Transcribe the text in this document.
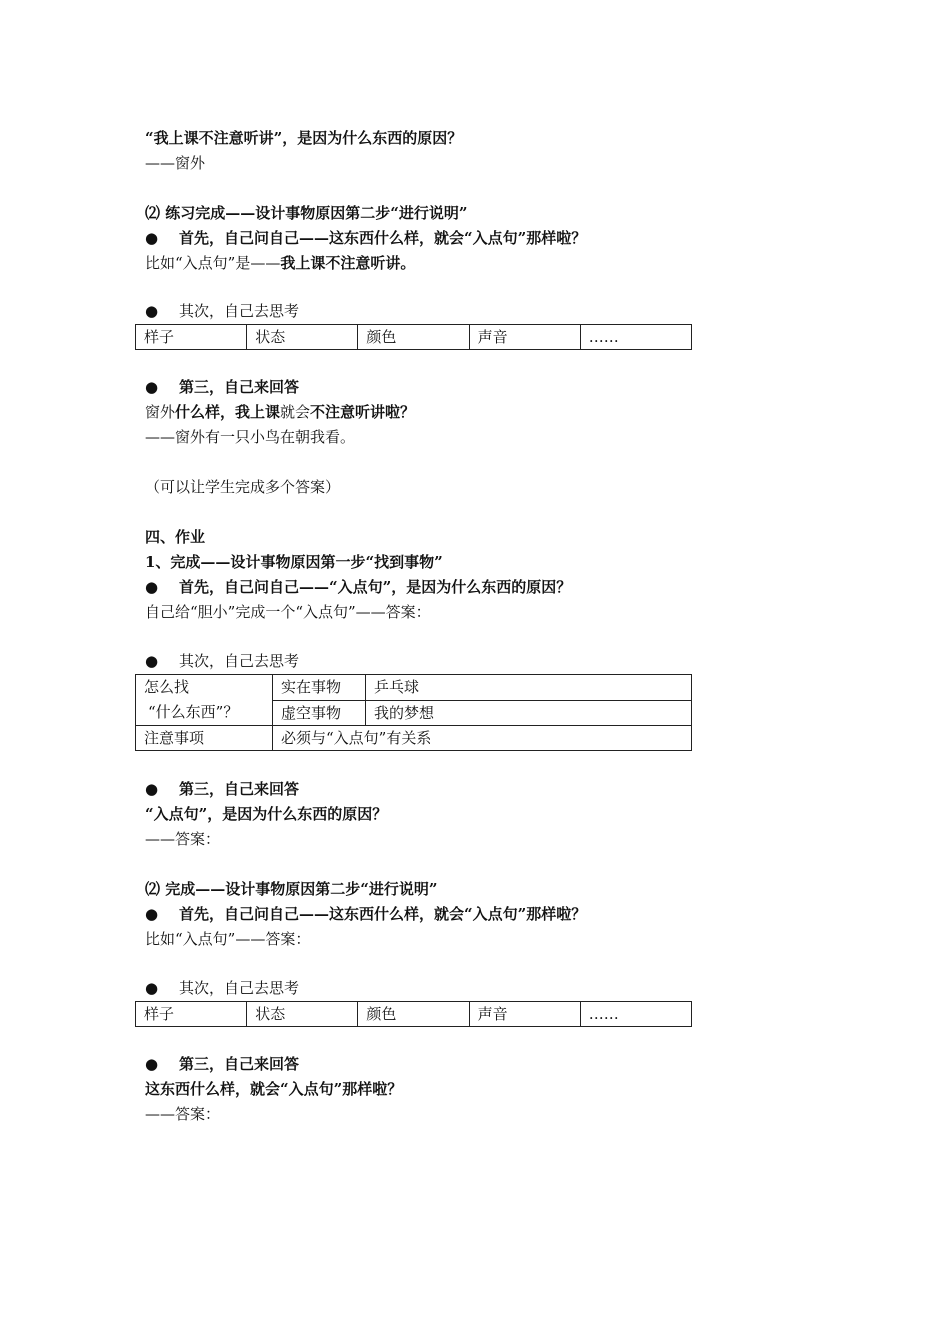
“我上课不注意听讲”，是因为什么东西的原因？
——窗外
⑵ 练习完成——设计事物原因第二步“进行说明”
● 首先，自己问自己——这东西什么样，就会“入点句”那样啦？
比如“入点句”是——我上课不注意听讲。
● 其次，自己去思考
样子	状态	颜色	声音	……
● 第三，自己来回答
窗外什么样，我上课就会不注意听讲啦？
——窗外有一只小鸟在朝我看。
（可以让学生完成多个答案）
四、作业
1、完成——设计事物原因第一步“找到事物”
● 首先，自己问自己——“入点句”，是因为什么东西的原因？
自己给“胆小”完成一个“入点句”——答案：
● 其次，自己去思考
怎么找
“什么东西”？	实在事物	乒乓球
	虚空事物	我的梦想
注意事项	必须与“入点句”有关系	
● 第三，自己来回答
“入点句”，是因为什么东西的原因？
——答案：
⑵ 完成——设计事物原因第二步“进行说明”
● 首先，自己问自己——这东西什么样，就会“入点句”那样啦？
比如“入点句”——答案：
● 其次，自己去思考
样子	状态	颜色	声音	……
● 第三，自己来回答
这东西什么样，就会“入点句”那样啦？
——答案：
